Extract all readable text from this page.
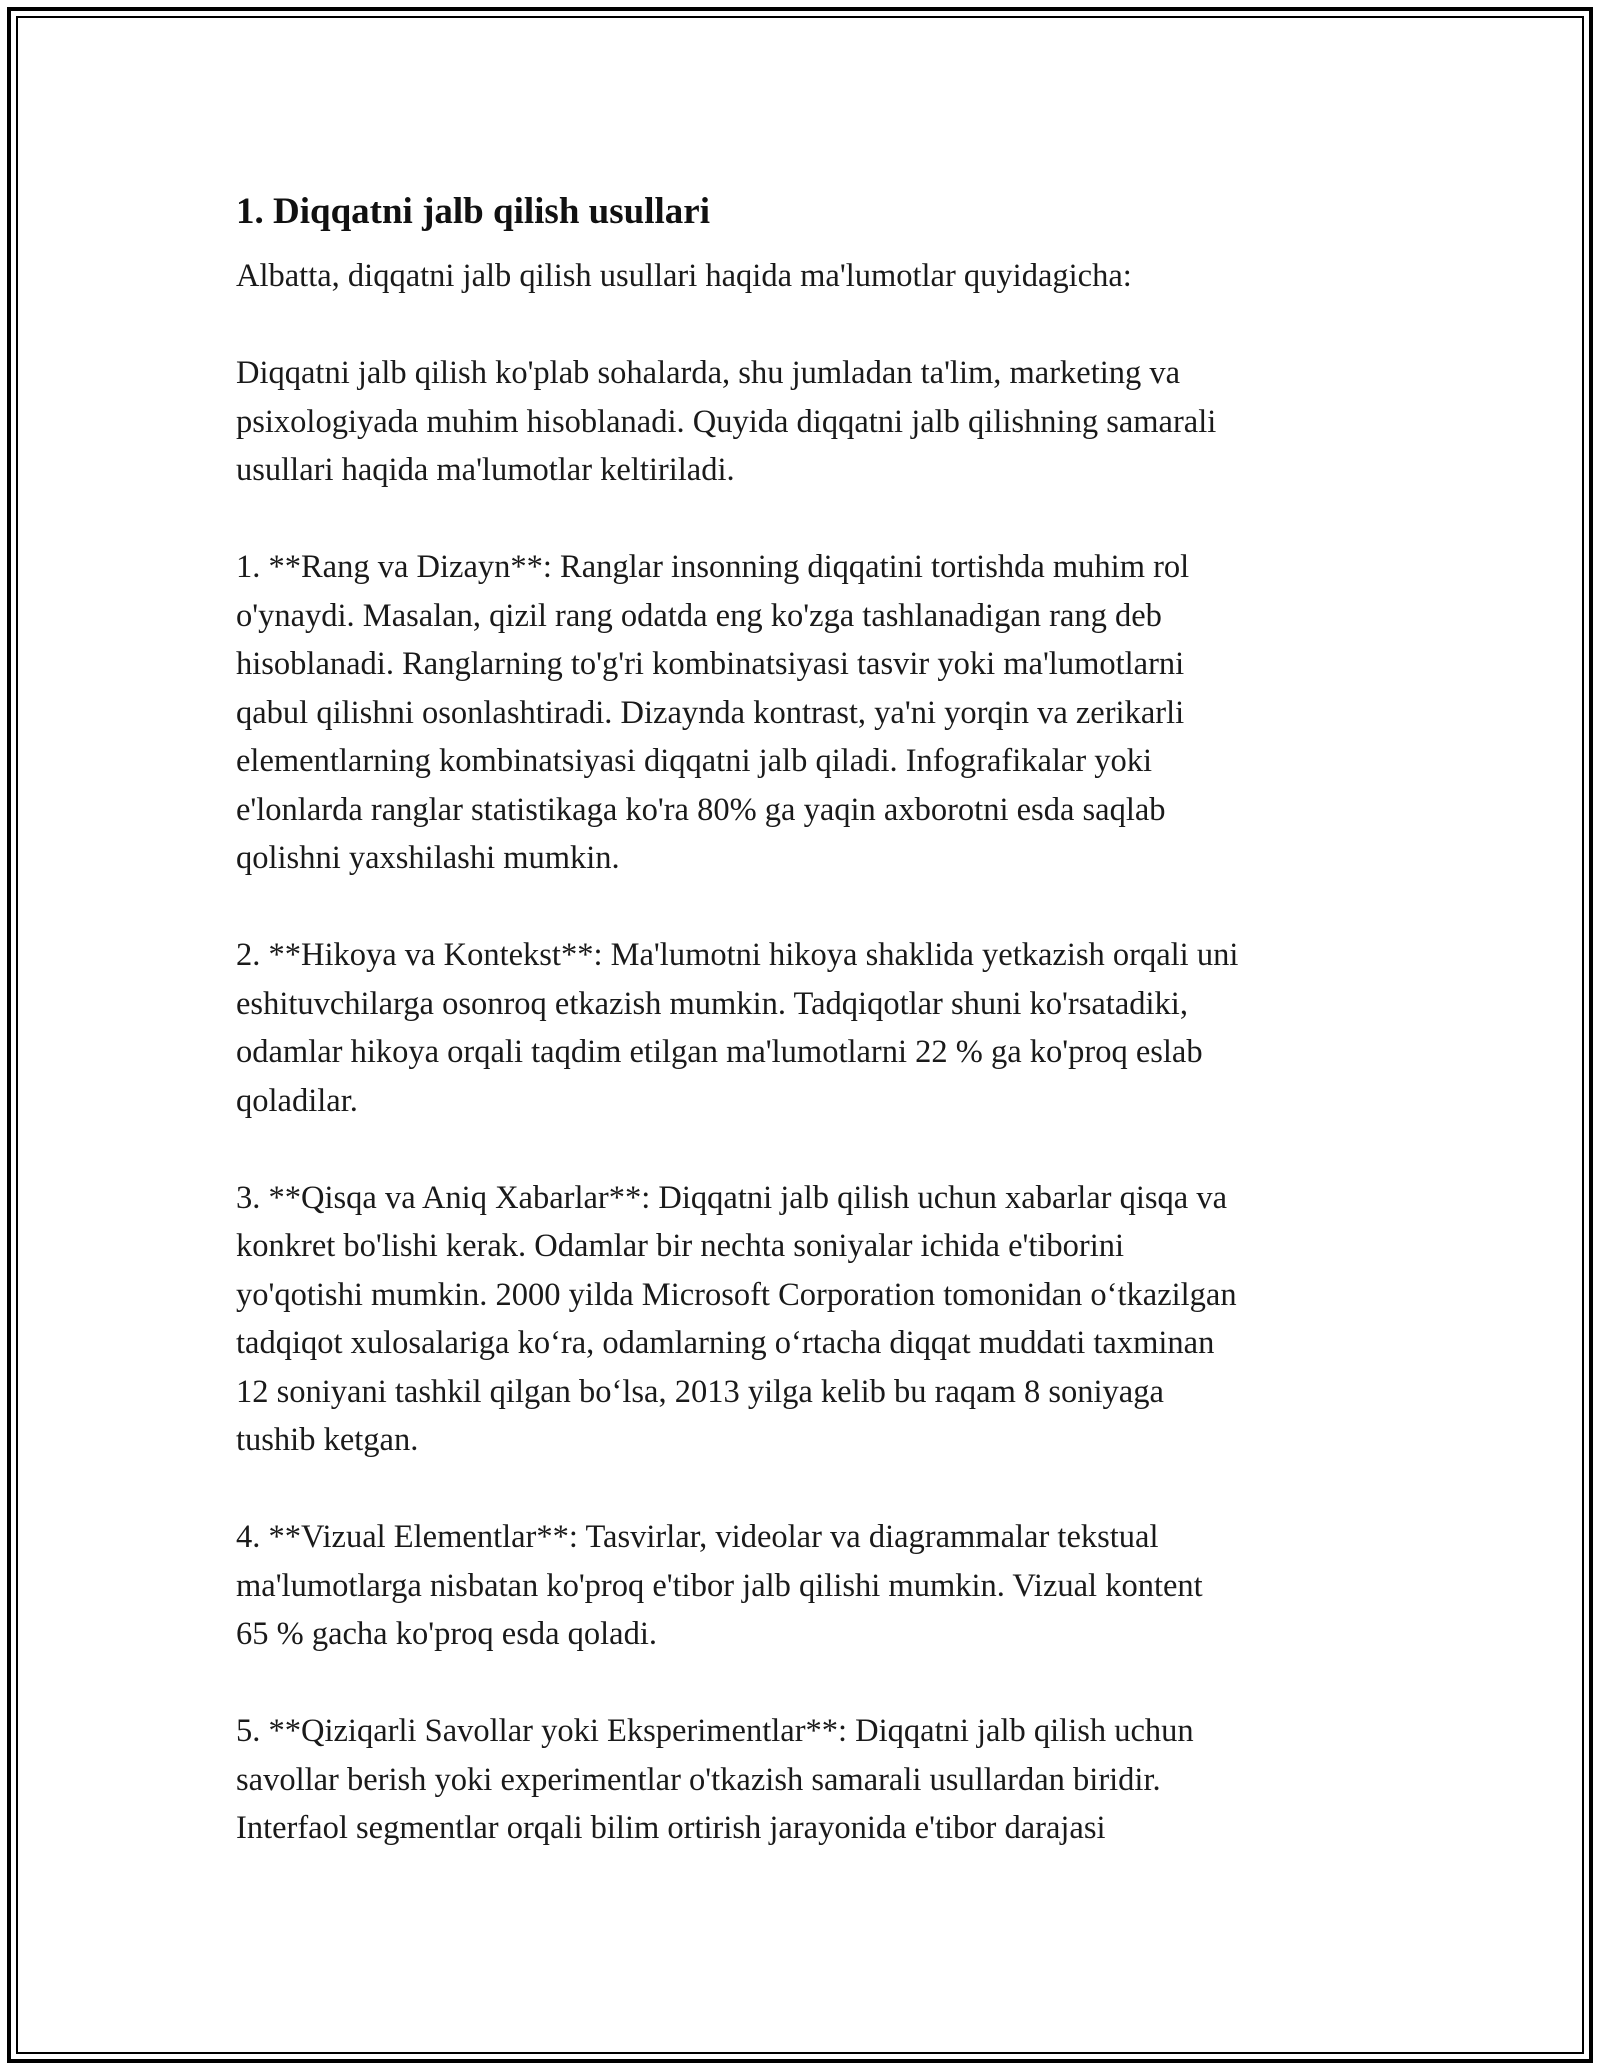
1. Diqqatni jalb qilish usullari

Albatta, diqqatni jalb qilish usullari haqida ma'lumotlar quyidagicha:

Diqqatni jalb qilish ko'plab sohalarda, shu jumladan ta'lim, marketing va
psixologiyada muhim hisoblanadi. Quyida diqqatni jalb qilishning samarali
usullari haqida ma'lumotlar keltiriladi.

1. **Rang va Dizayn**: Ranglar insonning diqqatini tortishda muhim rol
o'ynaydi. Masalan, qizil rang odatda eng ko'zga tashlanadigan rang deb
hisoblanadi. Ranglarning to'g'ri kombinatsiyasi tasvir yoki ma'lumotlarni
qabul qilishni osonlashtiradi. Dizaynda kontrast, ya'ni yorqin va zerikarli
elementlarning kombinatsiyasi diqqatni jalb qiladi. Infografikalar yoki
e'lonlarda ranglar statistikaga ko'ra 80% ga yaqin axborotni esda saqlab
qolishni yaxshilashi mumkin.

2. **Hikoya va Kontekst**: Ma'lumotni hikoya shaklida yetkazish orqali uni
eshituvchilarga osonroq etkazish mumkin. Tadqiqotlar shuni ko'rsatadiki,
odamlar hikoya orqali taqdim etilgan ma'lumotlarni 22 % ga ko'proq eslab
qoladilar.

3. **Qisqa va Aniq Xabarlar**: Diqqatni jalb qilish uchun xabarlar qisqa va
konkret bo'lishi kerak. Odamlar bir nechta soniyalar ichida e'tiborini
yo'qotishi mumkin. 2000 yilda Microsoft Corporation tomonidan o‘tkazilgan
tadqiqot xulosalariga ko‘ra, odamlarning o‘rtacha diqqat muddati taxminan
12 soniyani tashkil qilgan bo‘lsa, 2013 yilga kelib bu raqam 8 soniyaga
tushib ketgan.

4. **Vizual Elementlar**: Tasvirlar, videolar va diagrammalar tekstual
ma'lumotlarga nisbatan ko'proq e'tibor jalb qilishi mumkin. Vizual kontent
65 % gacha ko'proq esda qoladi.

5. **Qiziqarli Savollar yoki Eksperimentlar**: Diqqatni jalb qilish uchun
savollar berish yoki experimentlar o'tkazish samarali usullardan biridir.
Interfaol segmentlar orqali bilim ortirish jarayonida e'tibor darajasi
